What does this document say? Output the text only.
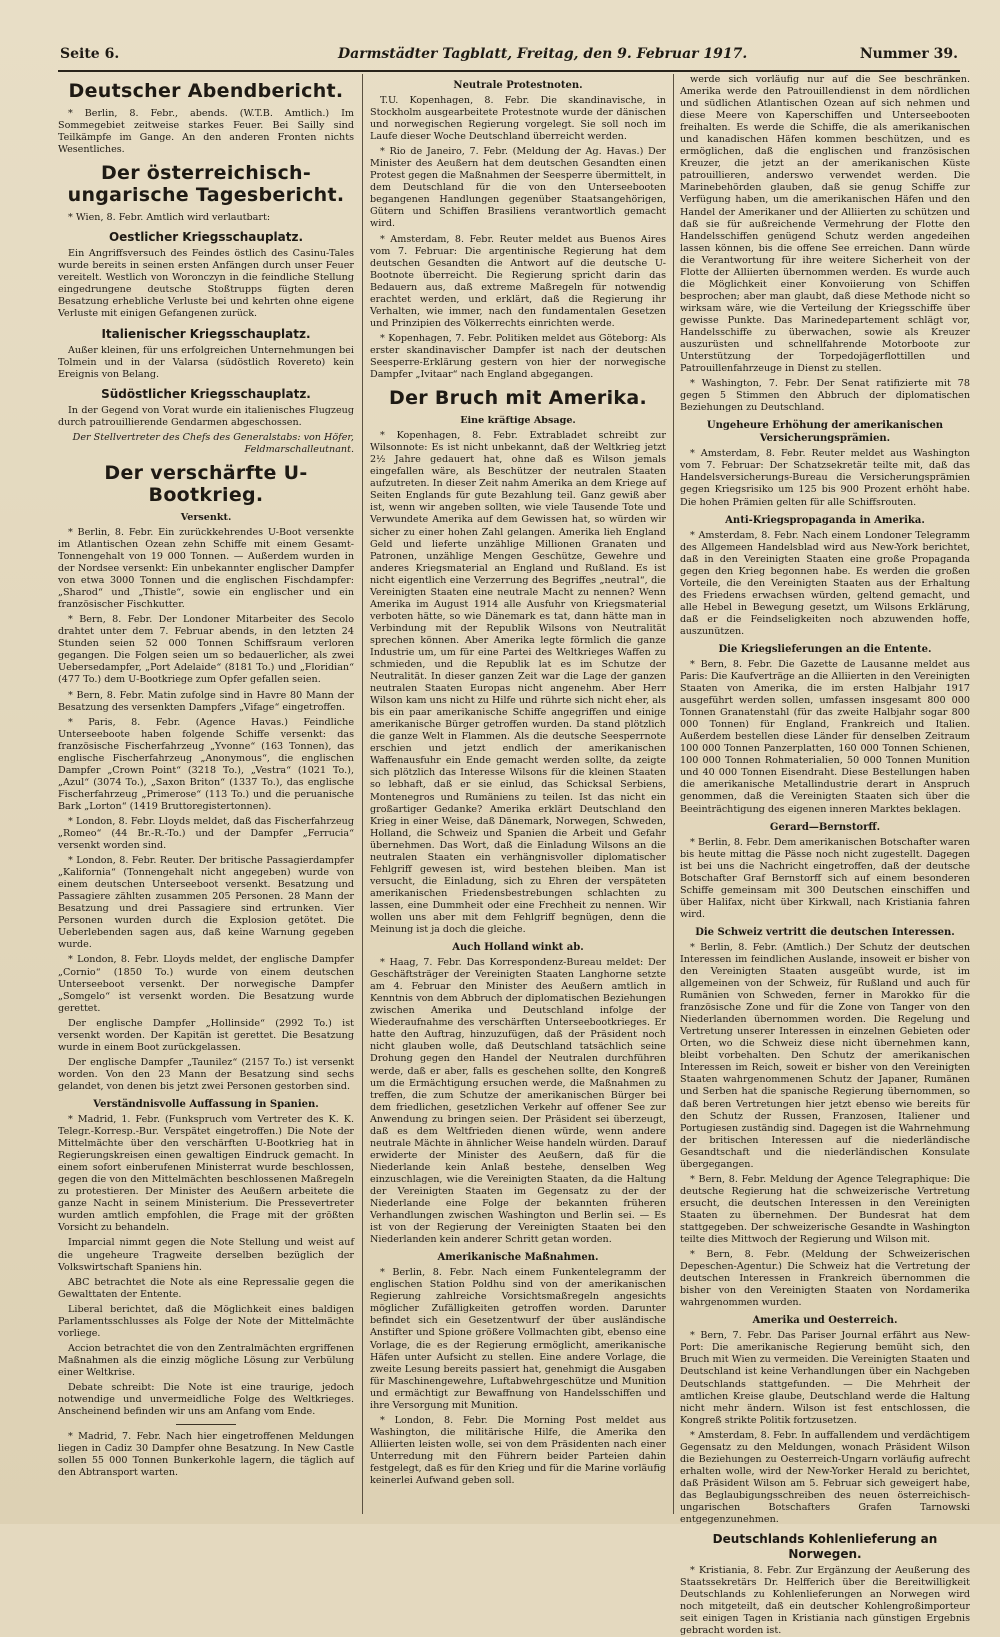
Seite 6.	Darmstädter Tagblatt, Freitag, den 9. Februar 1917.	Nummer 39.
Deutscher Abendbericht.

* Berlin, 8. Febr., abends. (W.T.B. Amtlich.) Im Sommegebiet zeitweise starkes Feuer. Bei Sailly sind Teilkämpfe im Gange. An den anderen Fronten nichts Wesentliches.

Der österreichisch-ungarische Tagesbericht.

* Wien, 8. Febr. Amtlich wird verlautbart:

Oestlicher Kriegsschauplatz.

Ein Angriffsversuch des Feindes östlich des Casinu-Tales wurde bereits in seinen ersten Anfängen durch unser Feuer vereitelt. Westlich von Woronczyn in die feindliche Stellung eingedrungene deutsche Stoßtrupps fügten deren Besatzung erhebliche Verluste bei und kehrten ohne eigene Verluste mit einigen Gefangenen zurück.

Italienischer Kriegsschauplatz.

Außer kleinen, für uns erfolgreichen Unternehmungen bei Tolmein und in der Valarsa (südöstlich Rovereto) kein Ereignis von Belang.

Südöstlicher Kriegsschauplatz.

In der Gegend von Vorat wurde ein italienisches Flugzeug durch patrouillierende Gendarmen abgeschossen.

Der Stellvertreter des Chefs des Generalstabs: von Höfer, Feldmarschalleutnant.
Der verschärfte U-Bootkrieg.
Versenkt.

* Berlin, 8. Febr. Ein zurückkehrendes U-Boot versenkte im Atlantischen Ozean zehn Schiffe mit einem Gesamt-Tonnengehalt von 19 000 Tonnen. — Außerdem wurden in der Nordsee versenkt: Ein unbekannter englischer Dampfer von etwa 3000 Tonnen und die englischen Fischdampfer: „Sharod“ und „Thistle“, sowie ein englischer und ein französischer Fischkutter.

* Bern, 8. Febr. Der Londoner Mitarbeiter des Secolo drahtet unter dem 7. Februar abends, in den letzten 24 Stunden seien 52 000 Tonnen Schiffsraum verloren gegangen. Die Folgen seien um so bedauerlicher, als zwei Uebersedampfer, „Port Adelaide“ (8181 To.) und „Floridian“ (477 To.) dem U-Bootkriege zum Opfer gefallen seien.

* Bern, 8. Febr. Matin zufolge sind in Havre 80 Mann der Besatzung des versenkten Dampfers „Vifage“ eingetroffen.

* Paris, 8. Febr. (Agence Havas.) Feindliche Unterseeboote haben folgende Schiffe versenkt: das französische Fischerfahrzeug „Yvonne“ (163 Tonnen), das englische Fischerfahrzeug „Anonymous“, die englischen Dampfer „Crown Point“ (3218 To.), „Vestra“ (1021 To.), „Azul“ (3074 To.), „Saxon Briton“ (1337 To.), das englische Fischerfahrzeug „Primerose“ (113 To.) und die peruanische Bark „Lorton“ (1419 Bruttoregistertonnen).

* London, 8. Febr. Lloyds meldet, daß das Fischerfahrzeug „Romeo“ (44 Br.-R.-To.) und der Dampfer „Ferrucia“ versenkt worden sind.

* London, 8. Febr. Reuter. Der britische Passagierdampfer „Kalifornia“ (Tonnengehalt nicht angegeben) wurde von einem deutschen Unterseeboot versenkt. Besatzung und Passagiere zählten zusammen 205 Personen. 28 Mann der Besatzung und drei Passagiere sind ertrunken. Vier Personen wurden durch die Explosion getötet. Die Ueberlebenden sagen aus, daß keine Warnung gegeben wurde.

* London, 8. Febr. Lloyds meldet, der englische Dampfer „Cornio“ (1850 To.) wurde von einem deutschen Unterseeboot versenkt. Der norwegische Dampfer „Somgelo“ ist versenkt worden. Die Besatzung wurde gerettet.

Der englische Dampfer „Hollinside“ (2992 To.) ist versenkt worden. Der Kapitän ist gerettet. Die Besatzung wurde in einem Boot zurückgelassen.

Der englische Dampfer „Taunilez“ (2157 To.) ist versenkt worden. Von den 23 Mann der Besatzung sind sechs gelandet, von denen bis jetzt zwei Personen gestorben sind.

Verständnisvolle Auffassung in Spanien.

* Madrid, 1. Febr. (Funkspruch vom Vertreter des K. K. Telegr.-Korresp.-Bur. Verspätet eingetroffen.) Die Note der Mittelmächte über den verschärften U-Bootkrieg hat in Regierungskreisen einen gewaltigen Eindruck gemacht. In einem sofort einberufenen Ministerrat wurde beschlossen, gegen die von den Mittelmächten beschlossenen Maßregeln zu protestieren. Der Minister des Aeußern arbeitete die ganze Nacht in seinem Ministerium. Die Pressevertreter wurden amtlich empfohlen, die Frage mit der größten Vorsicht zu behandeln.

Imparcial nimmt gegen die Note Stellung und weist auf die ungeheure Tragweite derselben bezüglich der Volkswirtschaft Spaniens hin.

ABC betrachtet die Note als eine Repressalie gegen die Gewalttaten der Entente.

Liberal berichtet, daß die Möglichkeit eines baldigen Parlamentsschlusses als Folge der Note der Mittelmächte vorliege.

Accion betrachtet die von den Zentralmächten ergriffenen Maßnahmen als die einzig mögliche Lösung zur Verbülung einer Weltkrise.

Debate schreibt: Die Note ist eine traurige, jedoch notwendige und unvermeidliche Folge des Weltkrieges. Anscheinend befinden wir uns am Anfang vom Ende.

* Madrid, 7. Febr. Nach hier eingetroffenen Meldungen liegen in Cadiz 30 Dampfer ohne Besatzung. In New Castle sollen 55 000 Tonnen Bunkerkohle lagern, die täglich auf den Abtransport warten.

Neutrale Protestnoten.

T.U. Kopenhagen, 8. Febr. Die skandinavische, in Stockholm ausgearbeitete Protestnote wurde der dänischen und norwegischen Regierung vorgelegt. Sie soll noch im Laufe dieser Woche Deutschland überreicht werden.

* Rio de Janeiro, 7. Febr. (Meldung der Ag. Havas.) Der Minister des Aeußern hat dem deutschen Gesandten einen Protest gegen die Maßnahmen der Seesperre übermittelt, in dem Deutschland für die von den Unterseebooten begangenen Handlungen gegenüber Staatsangehörigen, Gütern und Schiffen Brasiliens verantwortlich gemacht wird.

* Amsterdam, 8. Febr. Reuter meldet aus Buenos Aires vom 7. Februar: Die argentinische Regierung hat dem deutschen Gesandten die Antwort auf die deutsche U-Bootnote überreicht. Die Regierung spricht darin das Bedauern aus, daß extreme Maßregeln für notwendig erachtet werden, und erklärt, daß die Regierung ihr Verhalten, wie immer, nach den fundamentalen Gesetzen und Prinzipien des Völkerrechts einrichten werde.

* Kopenhagen, 7. Febr. Politiken meldet aus Göteborg: Als erster skandinavischer Dampfer ist nach der deutschen Seesperre-Erklärung gestern von hier der norwegische Dampfer „Ivitaar“ nach England abgegangen.

Der Bruch mit Amerika.
Eine kräftige Absage.

* Kopenhagen, 8. Febr. Extrabladet schreibt zur Wilsonnote: Es ist nicht unbekannt, daß der Weltkrieg jetzt 2½ Jahre gedauert hat, ohne daß es Wilson jemals eingefallen wäre, als Beschützer der neutralen Staaten aufzutreten. In dieser Zeit nahm Amerika an dem Kriege auf Seiten Englands für gute Bezahlung teil. Ganz gewiß aber ist, wenn wir angeben sollten, wie viele Tausende Tote und Verwundete Amerika auf dem Gewissen hat, so würden wir sicher zu einer hohen Zahl gelangen. Amerika lieh England Geld und lieferte unzählige Millionen Granaten und Patronen, unzählige Mengen Geschütze, Gewehre und anderes Kriegsmaterial an England und Rußland. Es ist nicht eigentlich eine Verzerrung des Begriffes „neutral“, die Vereinigten Staaten eine neutrale Macht zu nennen? Wenn Amerika im August 1914 alle Ausfuhr von Kriegsmaterial verboten hätte, so wie Dänemark es tat, dann hätte man in Verbindung mit der Republik Wilsons von Neutralität sprechen können. Aber Amerika legte förmlich die ganze Industrie um, um für eine Partei des Weltkrieges Waffen zu schmieden, und die Republik lat es im Schutze der Neutralität. In dieser ganzen Zeit war die Lage der ganzen neutralen Staaten Europas nicht angenehm. Aber Herr Wilson kam uns nicht zu Hilfe und rührte sich nicht eher, als bis ein paar amerikanische Schiffe angegriffen und einige amerikanische Bürger getroffen wurden. Da stand plötzlich die ganze Welt in Flammen. Als die deutsche Seesperrnote erschien und jetzt endlich der amerikanischen Waffenausfuhr ein Ende gemacht werden sollte, da zeigte sich plötzlich das Interesse Wilsons für die kleinen Staaten so lebhaft, daß er sie einlud, das Schicksal Serbiens, Montenegros und Rumäniens zu teilen. Ist das nicht ein großartiger Gedanke? Amerika erklärt Deutschland den Krieg in einer Weise, daß Dänemark, Norwegen, Schweden, Holland, die Schweiz und Spanien die Arbeit und Gefahr übernehmen. Das Wort, daß die Einladung Wilsons an die neutralen Staaten ein verhängnisvoller diplomatischer Fehlgriff gewesen ist, wird bestehen bleiben. Man ist versucht, die Einladung, sich zu Ehren der verspäteten amerikanischen Friedensbestrebungen schlachten zu lassen, eine Dummheit oder eine Frechheit zu nennen. Wir wollen uns aber mit dem Fehlgriff begnügen, denn die Meinung ist ja doch die gleiche.

Auch Holland winkt ab.

* Haag, 7. Febr. Das Korrespondenz-Bureau meldet: Der Geschäftsträger der Vereinigten Staaten Langhorne setzte am 4. Februar den Minister des Aeußern amtlich in Kenntnis von dem Abbruch der diplomatischen Beziehungen zwischen Amerika und Deutschland infolge der Wiederaufnahme des verschärften Unterseebootkrieges. Er hatte den Auftrag, hinzuzufügen, daß der Präsident noch nicht glauben wolle, daß Deutschland tatsächlich seine Drohung gegen den Handel der Neutralen durchführen werde, daß er aber, falls es geschehen sollte, den Kongreß um die Ermächtigung ersuchen werde, die Maßnahmen zu treffen, die zum Schutze der amerikanischen Bürger bei dem friedlichen, gesetzlichen Verkehr auf offener See zur Anwendung zu bringen seien. Der Präsident sei überzeugt, daß es dem Weltfrieden dienen würde, wenn andere neutrale Mächte in ähnlicher Weise handeln würden. Darauf erwiderte der Minister des Aeußern, daß für die Niederlande kein Anlaß bestehe, denselben Weg einzuschlagen, wie die Vereinigten Staaten, da die Haltung der Vereinigten Staaten im Gegensatz zu der der Niederlande eine Folge der bekannten früheren Verhandlungen zwischen Washington und Berlin sei. — Es ist von der Regierung der Vereinigten Staaten bei den Niederlanden kein anderer Schritt getan worden.

Amerikanische Maßnahmen.

* Berlin, 8. Febr. Nach einem Funkentelegramm der englischen Station Poldhu sind von der amerikanischen Regierung zahlreiche Vorsichtsmaßregeln angesichts möglicher Zufälligkeiten getroffen worden. Darunter befindet sich ein Gesetzentwurf der über ausländische Anstifter und Spione größere Vollmachten gibt, ebenso eine Vorlage, die es der Regierung ermöglicht, amerikanische Häfen unter Aufsicht zu stellen. Eine andere Vorlage, die zweite Lesung bereits passiert hat, genehmigt die Ausgaben für Maschinengewehre, Luftabwehrgeschütze und Munition und ermächtigt zur Bewaffnung von Handelsschiffen und ihre Versorgung mit Munition.

* London, 8. Febr. Die Morning Post meldet aus Washington, die militärische Hilfe, die Amerika den Alliierten leisten wolle, sei von dem Präsidenten nach einer Unterredung mit den Führern beider Parteien dahin festgelegt, daß es für den Krieg und für die Marine vorläufig keinerlei Aufwand geben soll.

werde sich vorläufig nur auf die See beschränken. Amerika werde den Patrouillendienst in dem nördlichen und südlichen Atlantischen Ozean auf sich nehmen und diese Meere von Kaperschiffen und Unterseebooten freihalten. Es werde die Schiffe, die als amerikanischen und kanadischen Häfen kommen beschützen, und es ermöglichen, daß die englischen und französischen Kreuzer, die jetzt an der amerikanischen Küste patrouillieren, anderswo verwendet werden. Die Marinebehörden glauben, daß sie genug Schiffe zur Verfügung haben, um die amerikanischen Häfen und den Handel der Amerikaner und der Alliierten zu schützen und daß sie für außreichende Vermehrung der Flotte den Handelsschiffen genügend Schutz werden angedeihen lassen können, bis die offene See erreichen. Dann würde die Verantwortung für ihre weitere Sicherheit von der Flotte der Alliierten übernommen werden. Es wurde auch die Möglichkeit einer Konvoiierung von Schiffen besprochen; aber man glaubt, daß diese Methode nicht so wirksam wäre, wie die Verteilung der Kriegsschiffe über gewisse Punkte. Das Marinedepartement schlägt vor, Handelsschiffe zu überwachen, sowie als Kreuzer auszurüsten und schnellfahrende Motorboote zur Unterstützung der Torpedojägerflottillen und Patrouillenfahrzeuge in Dienst zu stellen.

* Washington, 7. Febr. Der Senat ratifizierte mit 78 gegen 5 Stimmen den Abbruch der diplomatischen Beziehungen zu Deutschland.

Ungeheure Erhöhung der amerikanischen Versicherungsprämien.

* Amsterdam, 8. Febr. Reuter meldet aus Washington vom 7. Februar: Der Schatzsekretär teilte mit, daß das Handelsversicherungs-Bureau die Versicherungsprämien gegen Kriegsrisiko um 125 bis 900 Prozent erhöht habe. Die hohen Prämien gelten für alle Schiffsrouten.

Anti-Kriegspropaganda in Amerika.

* Amsterdam, 8. Febr. Nach einem Londoner Telegramm des Allgemeen Handelsblad wird aus New-York berichtet, daß in den Vereinigten Staaten eine große Propaganda gegen den Krieg begonnen habe. Es werden die großen Vorteile, die den Vereinigten Staaten aus der Erhaltung des Friedens erwachsen würden, geltend gemacht, und alle Hebel in Bewegung gesetzt, um Wilsons Erklärung, daß er die Feindseligkeiten noch abzuwenden hoffe, auszunützen.

Die Kriegslieferungen an die Entente.

* Bern, 8. Febr. Die Gazette de Lausanne meldet aus Paris: Die Kaufverträge an die Alliierten in den Vereinigten Staaten von Amerika, die im ersten Halbjahr 1917 ausgeführt werden sollen, umfassen insgesamt 800 000 Tonnen Granatenstahl (für das zweite Halbjahr sogar 800 000 Tonnen) für England, Frankreich und Italien. Außerdem bestellen diese Länder für denselben Zeitraum 100 000 Tonnen Panzerplatten, 160 000 Tonnen Schienen, 100 000 Tonnen Rohmaterialien, 50 000 Tonnen Munition und 40 000 Tonnen Eisendraht. Diese Bestellungen haben die amerikanische Metallindustrie derart in Anspruch genommen, daß die Vereinigten Staaten sich über die Beeinträchtigung des eigenen inneren Marktes beklagen.

Gerard—Bernstorff.

* Berlin, 8. Febr. Dem amerikanischen Botschafter waren bis heute mittag die Pässe noch nicht zugestellt. Dagegen ist bei uns die Nachricht eingetroffen, daß der deutsche Botschafter Graf Bernstorff sich auf einem besonderen Schiffe gemeinsam mit 300 Deutschen einschiffen und über Halifax, nicht über Kirkwall, nach Kristiania fahren wird.

Die Schweiz vertritt die deutschen Interessen.

* Berlin, 8. Febr. (Amtlich.) Der Schutz der deutschen Interessen im feindlichen Auslande, insoweit er bisher von den Vereinigten Staaten ausgeübt wurde, ist im allgemeinen von der Schweiz, für Rußland und auch für Rumänien von Schweden, ferner in Marokko für die französische Zone und für die Zone von Tanger von den Niederlanden übernommen worden. Die Regelung und Vertretung unserer Interessen in einzelnen Gebieten oder Orten, wo die Schweiz diese nicht übernehmen kann, bleibt vorbehalten. Den Schutz der amerikanischen Interessen im Reich, soweit er bisher von den Vereinigten Staaten wahrgenommenen Schutz der Japaner, Rumänen und Serben hat die spanische Regierung übernommen, so daß beren Vertretungen hier jetzt ebenso wie bereits für den Schutz der Russen, Franzosen, Italiener und Portugiesen zuständig sind. Dagegen ist die Wahrnehmung der britischen Interessen auf die niederländische Gesandtschaft und die niederländischen Konsulate übergegangen.

* Bern, 8. Febr. Meldung der Agence Telegraphique: Die deutsche Regierung hat die schweizerische Vertretung ersucht, die deutschen Interessen in den Vereinigten Staaten zu übernehmen. Der Bundesrat hat dem stattgegeben. Der schweizerische Gesandte in Washington teilte dies Mittwoch der Regierung und Wilson mit.

* Bern, 8. Febr. (Meldung der Schweizerischen Depeschen-Agentur.) Die Schweiz hat die Vertretung der deutschen Interessen in Frankreich übernommen die bisher von den Vereinigten Staaten von Nordamerika wahrgenommen wurden.

Amerika und Oesterreich.

* Bern, 7. Febr. Das Pariser Journal erfährt aus New-Port: Die amerikanische Regierung bemüht sich, den Bruch mit Wien zu vermeiden. Die Vereinigten Staaten und Deutschland ist keine Verhandlungen über ein Nachgeben Deutschlands stattgefunden. — Die Mehrheit der amtlichen Kreise glaube, Deutschland werde die Haltung nicht mehr ändern. Wilson ist fest entschlossen, die Kongreß strikte Politik fortzusetzen.

* Amsterdam, 8. Febr. In auffallendem und verdächtigem Gegensatz zu den Meldungen, wonach Präsident Wilson die Beziehungen zu Oesterreich-Ungarn vorläufig aufrecht erhalten wolle, wird der New-Yorker Herald zu berichtet, daß Präsident Wilson am 5. Februar sich geweigert habe, das Beglaubigungsschreiben des neuen österreichisch-ungarischen Botschafters Grafen Tarnowski entgegenzunehmen.

Deutschlands Kohlenlieferung an Norwegen.

* Kristiania, 8. Febr. Zur Ergänzung der Aeußerung des Staatssekretärs Dr. Helfferich über die Bereitwilligkeit Deutschlands zu Kohlenlieferungen an Norwegen wird noch mitgeteilt, daß ein deutscher Kohlengroßimporteur seit einigen Tagen in Kristiania nach günstigen Ergebnis gebracht worden ist.
